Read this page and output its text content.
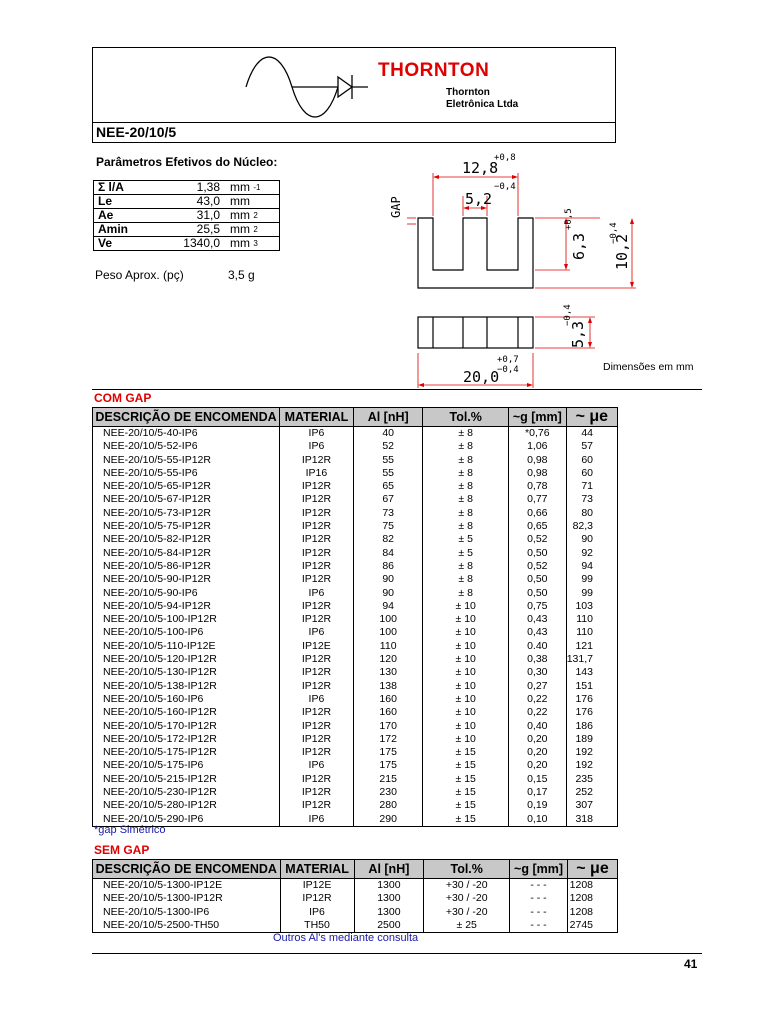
THORNTON
Thornton
Eletrônica Ltda
NEE-20/10/5
Parâmetros Efetivos do Núcleo:
Σ l/A	1,38	mm $^{-1}$
Le	43,0	mm
Ae	31,0	mm $^2$
Amin	25,5	mm $^2$
Ve	1340,0	mm $^3$
Peso Aprox. (pç)	3,5 g
12,8
+0,8
−0,4
5,2
20,0
+0,7
−0,4
GAP
6,3
+0,5
10,2
−0,4
5,3
−0,4
Dimensões em mm
COM GAP
DESCRIÇÃO DE ENCOMENDA	MATERIAL	Al [nH]	Tol.%	~g [mm]	~ μe
NEE-20/10/5-40-IP6	IP6	40	± 8	*0,76	44
NEE-20/10/5-52-IP6	IP6	52	± 8	1,06	57
NEE-20/10/5-55-IP12R	IP12R	55	± 8	0,98	60
NEE-20/10/5-55-IP6	IP16	55	± 8	0,98	60
NEE-20/10/5-65-IP12R	IP12R	65	± 8	0,78	71
NEE-20/10/5-67-IP12R	IP12R	67	± 8	0,77	73
NEE-20/10/5-73-IP12R	IP12R	73	± 8	0,66	80
NEE-20/10/5-75-IP12R	IP12R	75	± 8	0,65	82,3
NEE-20/10/5-82-IP12R	IP12R	82	± 5	0,52	90
NEE-20/10/5-84-IP12R	IP12R	84	± 5	0,50	92
NEE-20/10/5-86-IP12R	IP12R	86	± 8	0,52	94
NEE-20/10/5-90-IP12R	IP12R	90	± 8	0,50	99
NEE-20/10/5-90-IP6	IP6	90	± 8	0,50	99
NEE-20/10/5-94-IP12R	IP12R	94	± 10	0,75	103
NEE-20/10/5-100-IP12R	IP12R	100	± 10	0,43	110
NEE-20/10/5-100-IP6	IP6	100	± 10	0,43	110
NEE-20/10/5-110-IP12E	IP12E	110	± 10	0.40	121
NEE-20/10/5-120-IP12R	IP12R	120	± 10	0,38	131,7
NEE-20/10/5-130-IP12R	IP12R	130	± 10	0,30	143
NEE-20/10/5-138-IP12R	IP12R	138	± 10	0,27	151
NEE-20/10/5-160-IP6	IP6	160	± 10	0,22	176
NEE-20/10/5-160-IP12R	IP12R	160	± 10	0,22	176
NEE-20/10/5-170-IP12R	IP12R	170	± 10	0,40	186
NEE-20/10/5-172-IP12R	IP12R	172	± 10	0,20	189
NEE-20/10/5-175-IP12R	IP12R	175	± 15	0,20	192
NEE-20/10/5-175-IP6	IP6	175	± 15	0,20	192
NEE-20/10/5-215-IP12R	IP12R	215	± 15	0,15	235
NEE-20/10/5-230-IP12R	IP12R	230	± 15	0,17	252
NEE-20/10/5-280-IP12R	IP12R	280	± 15	0,19	307
NEE-20/10/5-290-IP6	IP6	290	± 15	0,10	318
*gap Simétrico
SEM GAP
DESCRIÇÃO DE ENCOMENDA	MATERIAL	Al [nH]	Tol.%	~g [mm]	~ μe
NEE-20/10/5-1300-IP12E	IP12E	1300	+30 / -20	- - -	1208
NEE-20/10/5-1300-IP12R	IP12R	1300	+30 / -20	- - -	1208
NEE-20/10/5-1300-IP6	IP6	1300	+30 / -20	- - -	1208
NEE-20/10/5-2500-TH50	TH50	2500	± 25	- - -	2745
Outros Al's mediante consulta
41
